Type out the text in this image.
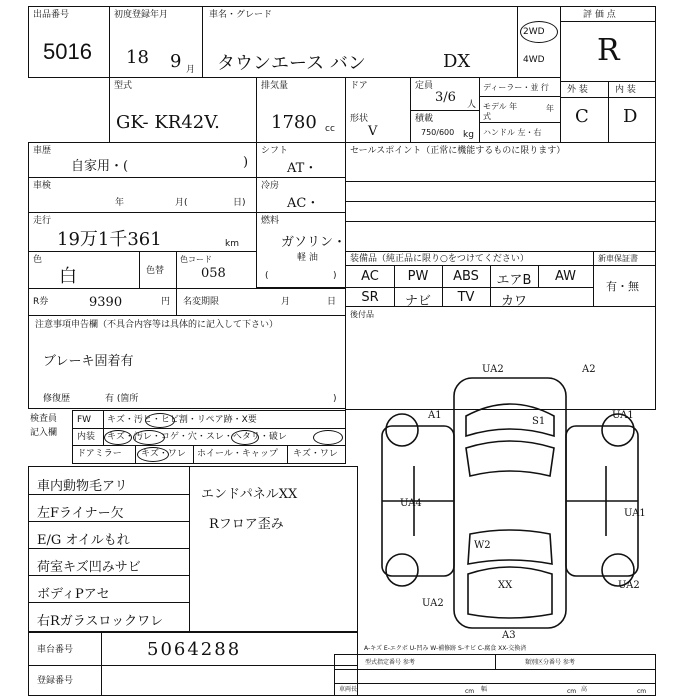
出品番号
5016
初度登録年月
18 9 月
車名・グレード
タウンエース バン	DX
2WD
4WD
評 価 点
R
型式
GK- KR42V.
排気量
1780 cc
ドア
形状
V
定員
3/6 人
積載
750/600 kg
ディーラー・並 行
モデル 年式
年
ハンドル 左・右
外 装	内 装
C D
車歴
自家用・(	)
シフト
AT・
車検
年	月(	日)
冷房
AC・
走行
19万1千361	km
燃料
ガソリン・
軽 油
(	)
色
白	色替
色コード
058
R券	9390	円 名変期限	月	日
セールスポイント（正常に機能するものに限ります）
装備品（純正品に限り○をつけてください）
AC	PW	ABS	エアB	AW
SR	ナビ	TV	カワ
新車保証書
有・無
後付品
注意事項申告欄（不具合内容等は具体的に記入して下さい）
ブレーキ固着有
修復歴	有 (箇所	)
検査員
記入欄
FW キズ・汚ヒ・ヒビ割・リペア跡・X要
内装 キズ・汚レ・コゲ・穴・スレ・ヘタリ・破レ
ドアミラー キズ・ワレ ホイール・キャップ キズ・ワレ
車内動物毛アリ
左Fライナー欠
E/G オイルもれ
荷室キズ凹みサビ
ボディPアセ
右Rガラスロックワレ
エンドパネルXX
Rフロア歪み
UA2	A2
A1	UA1
S1
UA4
UA1
W2
XX
UA2
UA2
A3
車台番号	5064288
登録番号
A-キズ E-エクボ U-凹み W-補修跡 S-サビ C-腐食 XX-交換済
型式指定番号 参考	類別区分番号 参考
車両長	cm 幅	cm 高	cm
